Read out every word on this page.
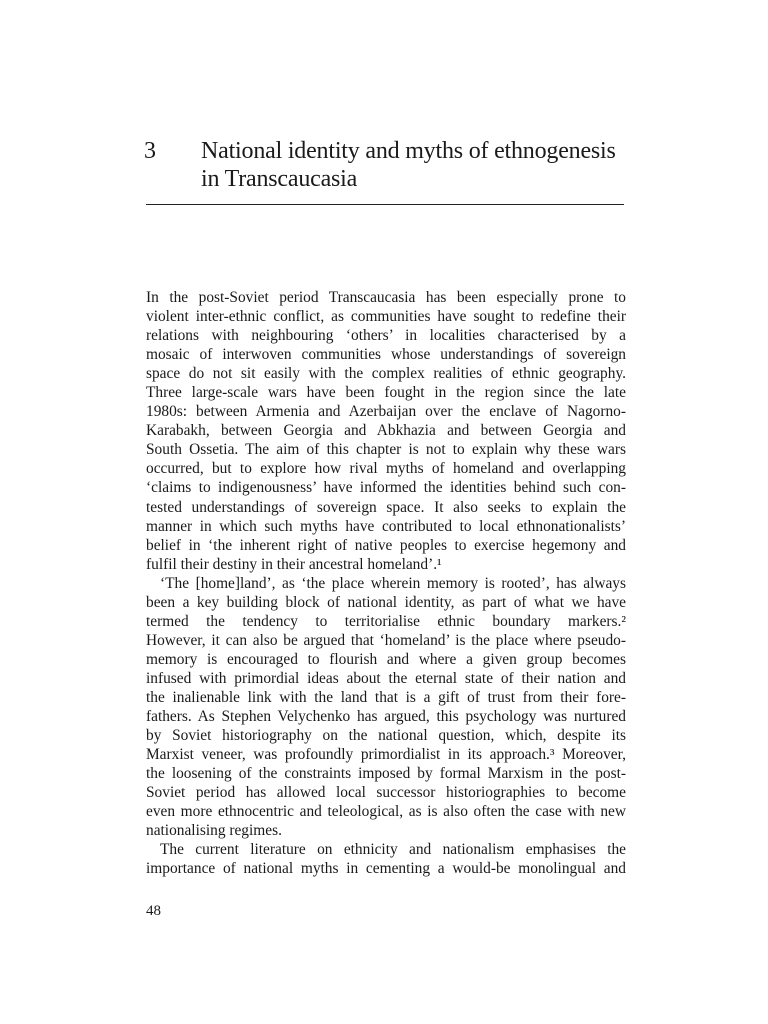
3 National identity and myths of ethnogenesis
in Transcaucasia
In the post-Soviet period Transcaucasia has been especially prone to
violent inter-ethnic conflict, as communities have sought to redefine their
relations with neighbouring ‘others’ in localities characterised by a
mosaic of interwoven communities whose understandings of sovereign
space do not sit easily with the complex realities of ethnic geography.
Three large-scale wars have been fought in the region since the late
1980s: between Armenia and Azerbaijan over the enclave of Nagorno-
Karabakh, between Georgia and Abkhazia and between Georgia and
South Ossetia. The aim of this chapter is not to explain why these wars
occurred, but to explore how rival myths of homeland and overlapping
‘claims to indigenousness’ have informed the identities behind such con-
tested understandings of sovereign space. It also seeks to explain the
manner in which such myths have contributed to local ethnonationalists’
belief in ‘the inherent right of native peoples to exercise hegemony and
fulfil their destiny in their ancestral homeland’.¹
‘The [home]land’, as ‘the place wherein memory is rooted’, has always
been a key building block of national identity, as part of what we have
termed the tendency to territorialise ethnic boundary markers.²
However, it can also be argued that ‘homeland’ is the place where pseudo-
memory is encouraged to flourish and where a given group becomes
infused with primordial ideas about the eternal state of their nation and
the inalienable link with the land that is a gift of trust from their fore-
fathers. As Stephen Velychenko has argued, this psychology was nurtured
by Soviet historiography on the national question, which, despite its
Marxist veneer, was profoundly primordialist in its approach.³ Moreover,
the loosening of the constraints imposed by formal Marxism in the post-
Soviet period has allowed local successor historiographies to become
even more ethnocentric and teleological, as is also often the case with new
nationalising regimes.
The current literature on ethnicity and nationalism emphasises the
importance of national myths in cementing a would-be monolingual and
48
